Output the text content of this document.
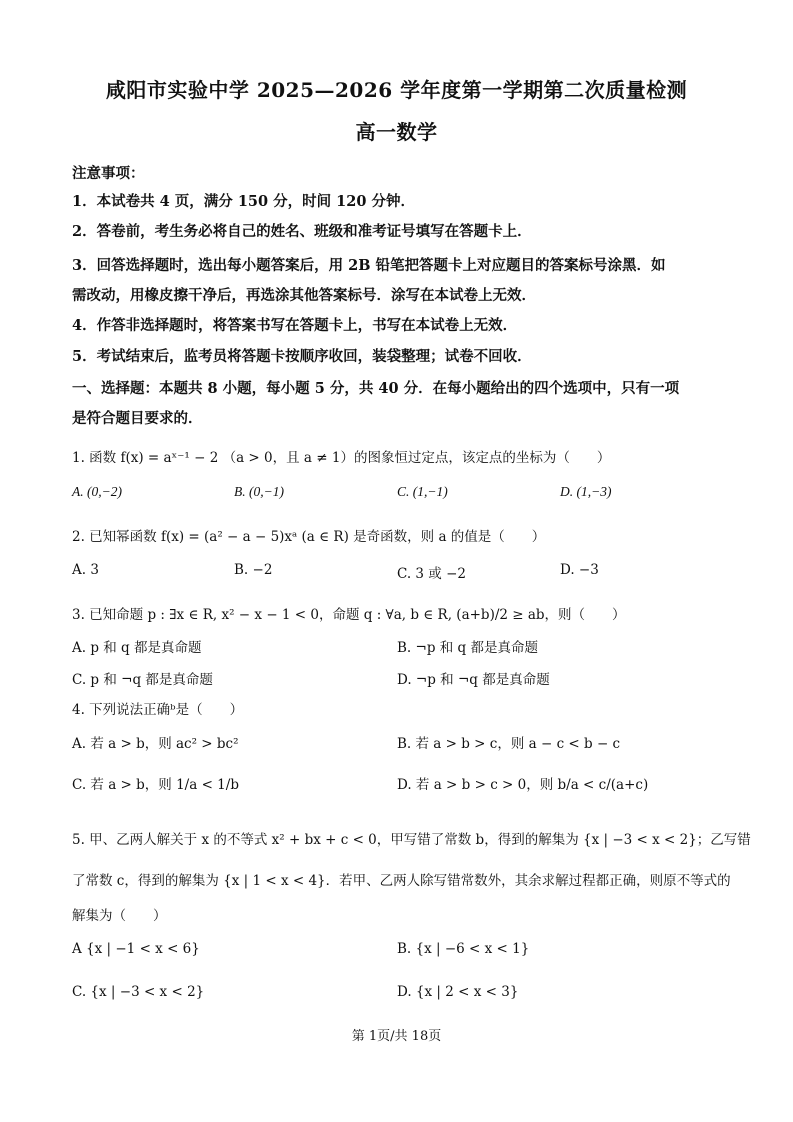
咸阳市实验中学 2025—2026 学年度第一学期第二次质量检测
高一数学
注意事项：
1．本试卷共 4 页，满分 150 分，时间 120 分钟．
2．答卷前，考生务必将自己的姓名、班级和准考证号填写在答题卡上．
3．回答选择题时，选出每小题答案后，用 2B 铅笔把答题卡上对应题目的答案标号涂黑．如
需改动，用橡皮擦干净后，再选涂其他答案标号．涂写在本试卷上无效．
4．作答非选择题时，将答案书写在答题卡上，书写在本试卷上无效．
5．考试结束后，监考员将答题卡按顺序收回，装袋整理；试卷不回收．
一、选择题：本题共 8 小题，每小题 5 分，共 40 分．在每小题给出的四个选项中，只有一项
是符合题目要求的．
1. 函数 f(x) = aˣ⁻¹ − 2 （a > 0，且 a ≠ 1）的图象恒过定点，该定点的坐标为（　　）
A. (0,−2)	B. (0,−1)	C. (1,−1)	D. (1,−3)
2. 已知幂函数 f(x) = (a² − a − 5)xᵃ (a ∈ R) 是奇函数，则 a 的值是（　　）
A. 3	B. −2	C. 3 或 −2	D. −3
3. 已知命题 p : ∃x ∈ R, x² − x − 1 < 0，命题 q : ∀a, b ∈ R, (a+b)/2 ≥ ab，则（　　）
A. p 和 q 都是真命题	B. ¬p 和 q 都是真命题
C. p 和 ¬q 都是真命题	D. ¬p 和 ¬q 都是真命题
4. 下列说法正确ᵇ是（　　）
A. 若 a > b，则 ac² > bc²	B. 若 a > b > c，则 a − c < b − c
C. 若 a > b，则 1/a < 1/b	D. 若 a > b > c > 0，则 b/a < c/(a+c)
5. 甲、乙两人解关于 x 的不等式 x² + bx + c < 0，甲写错了常数 b，得到的解集为 {x | −3 < x < 2}；乙写错
了常数 c，得到的解集为 {x | 1 < x < 4}．若甲、乙两人除写错常数外，其余求解过程都正确，则原不等式的
解集为（　　）
A {x | −1 < x < 6}	B. {x | −6 < x < 1}
C. {x | −3 < x < 2}	D. {x | 2 < x < 3}
第 1页/共 18页
